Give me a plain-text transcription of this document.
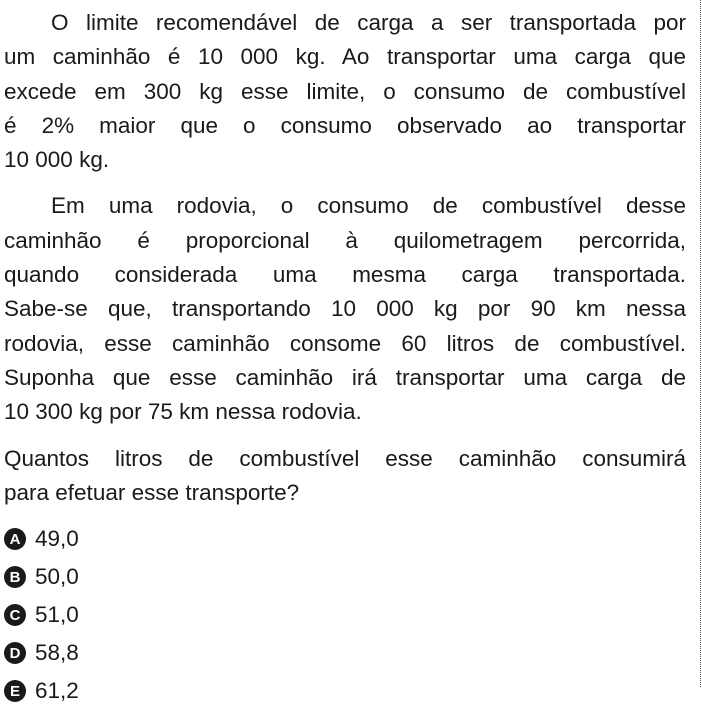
O limite recomendável de carga a ser transportada por
um caminhão é 10 000 kg. Ao transportar uma carga que
excede em 300 kg esse limite, o consumo de combustível
é 2% maior que o consumo observado ao transportar
10 000 kg.

Em uma rodovia, o consumo de combustível desse
caminhão é proporcional à quilometragem percorrida,
quando considerada uma mesma carga transportada.
Sabe-se que, transportando 10 000 kg por 90 km nessa
rodovia, esse caminhão consome 60 litros de combustível.
Suponha que esse caminhão irá transportar uma carga de
10 300 kg por 75 km nessa rodovia.

Quantos litros de combustível esse caminhão consumirá
para efetuar esse transporte?

A 49,0
B 50,0
C 51,0
D 58,8
E 61,2
